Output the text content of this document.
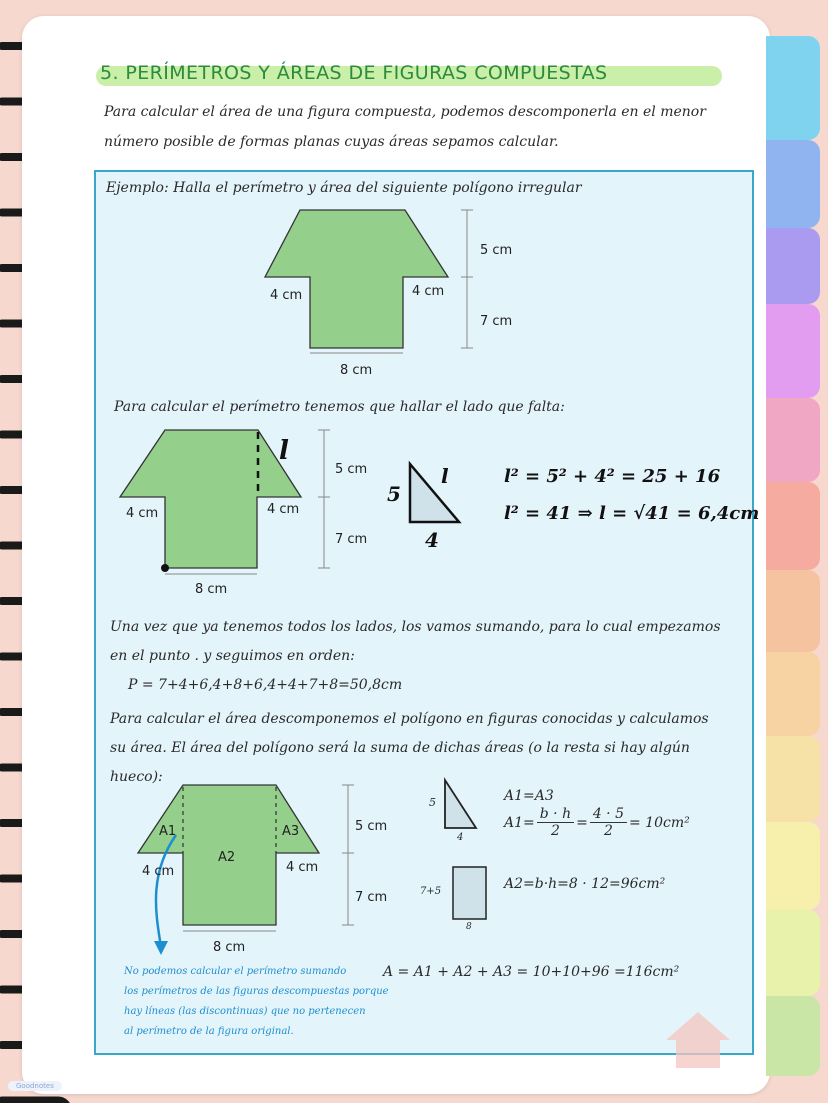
5. PERÍMETROS Y ÁREAS DE FIGURAS COMPUESTAS
Para calcular el área de una figura compuesta, podemos descomponerla en el menor
número posible de formas planas cuyas áreas sepamos calcular.
Ejemplo: Halla el perímetro y área del siguiente polígono irregular
4 cm	4 cm
5 cm
7 cm
8 cm
Para calcular el perímetro tenemos que hallar el lado que falta:
l
4 cm	4 cm
5 cm
7 cm
8 cm
5
4
l	l² = 5² + 4² = 25 + 16
l² = 41 ⇒ l = √41 = 6,4cm
Una vez que ya tenemos todos los lados, los vamos sumando, para lo cual empezamos
en el punto . y seguimos en orden:
P = 7+4+6,4+8+6,4+4+7+8=50,8cm
Para calcular el área descomponemos el polígono en figuras conocidas y calculamos
su área. El área del polígono será la suma de dichas áreas (o la resta si hay algún
hueco):
A1
A2
A3
4 cm	4 cm
5 cm
7 cm
8 cm
5
4
7+5
8
A1=A3
$A1= \frac{b \cdot h}{2} = \frac{4 \cdot 5}{2} = 10cm^2$
A2=b·h=8 · 12=96cm²
A = A1 + A2 + A3 = 10+10+96 =116cm²
No podemos calcular el perímetro sumando
los perímetros de las figuras descompuestas porque
hay líneas (las discontinuas) que no pertenecen
al perímetro de la figura original.
Goodnotes
